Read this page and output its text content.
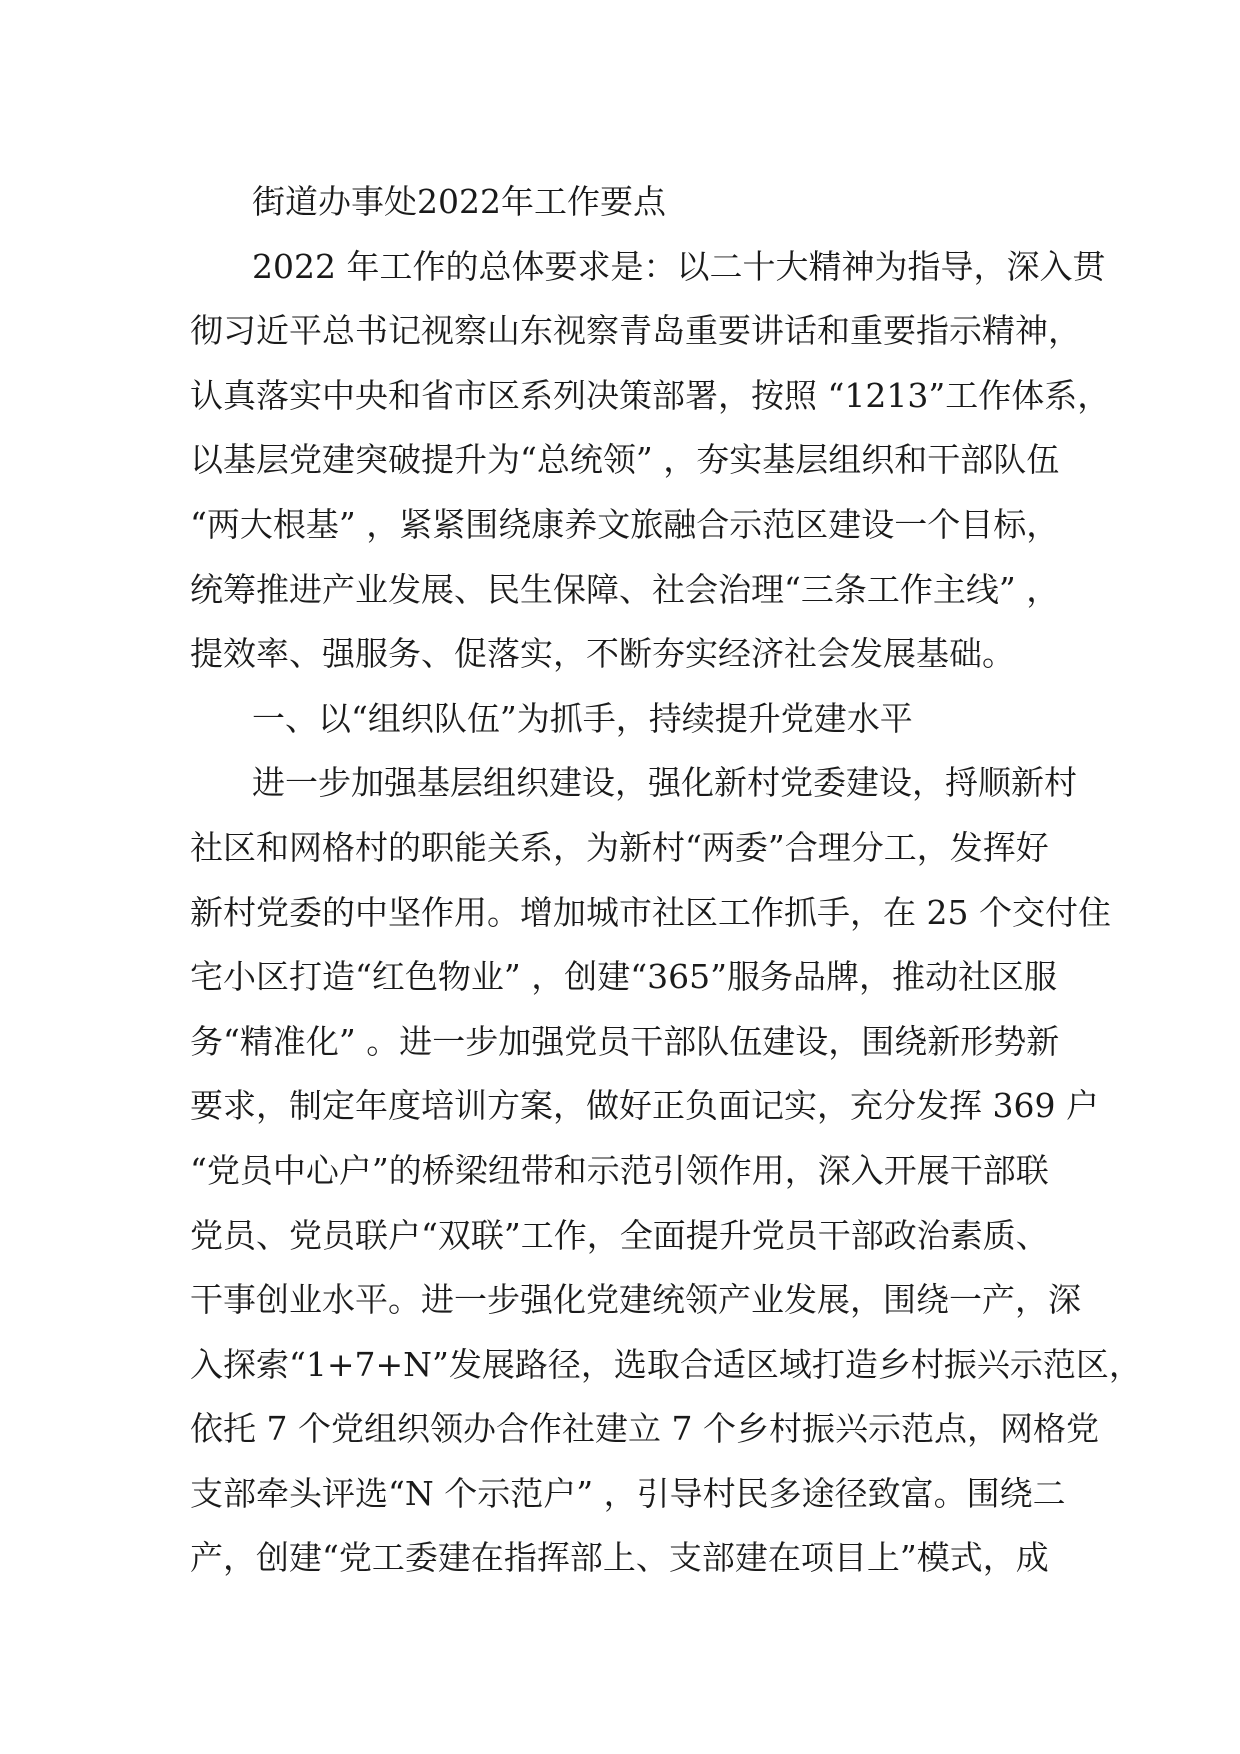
街道办事处2022年工作要点
2022 年工作的总体要求是：以二十大精神为指导，深入贯
彻习近平总书记视察山东视察青岛重要讲话和重要指示精神，
认真落实中央和省市区系列决策部署，按照 “1213”工作体系，
以基层党建突破提升为“总统领” ，夯实基层组织和干部队伍
“两大根基” ，紧紧围绕康养文旅融合示范区建设一个目标，
统筹推进产业发展、民生保障、社会治理“三条工作主线” ，
提效率、强服务、促落实，不断夯实经济社会发展基础。
一、以“组织队伍”为抓手，持续提升党建水平
进一步加强基层组织建设，强化新村党委建设，捋顺新村
社区和网格村的职能关系，为新村“两委”合理分工，发挥好
新村党委的中坚作用。增加城市社区工作抓手，在 25 个交付住
宅小区打造“红色物业” ，创建“365”服务品牌，推动社区服
务“精准化” 。进一步加强党员干部队伍建设，围绕新形势新
要求，制定年度培训方案，做好正负面记实，充分发挥 369 户
“党员中心户”的桥梁纽带和示范引领作用，深入开展干部联
党员、党员联户“双联”工作，全面提升党员干部政治素质、
干事创业水平。进一步强化党建统领产业发展，围绕一产，深
入探索“1+7+N”发展路径，选取合适区域打造乡村振兴示范区，
依托 7 个党组织领办合作社建立 7 个乡村振兴示范点，网格党
支部牵头评选“N 个示范户” ，引导村民多途径致富。围绕二
产，创建“党工委建在指挥部上、支部建在项目上”模式，成
